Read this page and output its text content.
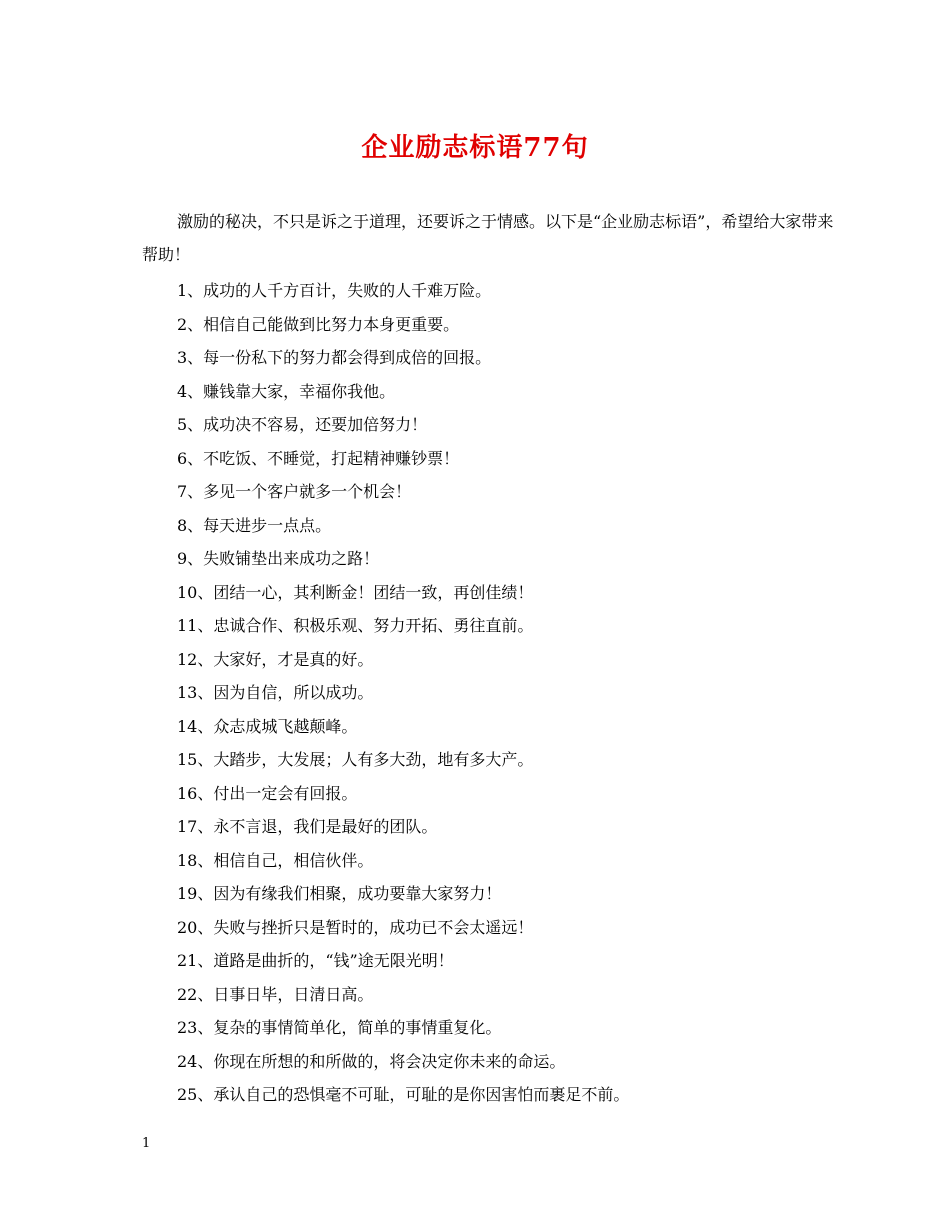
企业励志标语77句

激励的秘决，不只是诉之于道理，还要诉之于情感。以下是“企业励志标语”，希望给大家带来帮助！

1、成功的人千方百计，失败的人千难万险。
2、相信自己能做到比努力本身更重要。
3、每一份私下的努力都会得到成倍的回报。
4、赚钱靠大家，幸福你我他。
5、成功决不容易，还要加倍努力！
6、不吃饭、不睡觉，打起精神赚钞票！
7、多见一个客户就多一个机会！
8、每天进步一点点。
9、失败铺垫出来成功之路！
10、团结一心，其利断金！团结一致，再创佳绩！
11、忠诚合作、积极乐观、努力开拓、勇往直前。
12、大家好，才是真的好。
13、因为自信，所以成功。
14、众志成城飞越颠峰。
15、大踏步，大发展；人有多大劲，地有多大产。
16、付出一定会有回报。
17、永不言退，我们是最好的团队。
18、相信自己，相信伙伴。
19、因为有缘我们相聚，成功要靠大家努力！
20、失败与挫折只是暂时的，成功已不会太遥远！
21、道路是曲折的，“钱”途无限光明！
22、日事日毕，日清日高。
23、复杂的事情简单化，简单的事情重复化。
24、你现在所想的和所做的，将会决定你未来的命运。
25、承认自己的恐惧毫不可耻，可耻的是你因害怕而裹足不前。
1
